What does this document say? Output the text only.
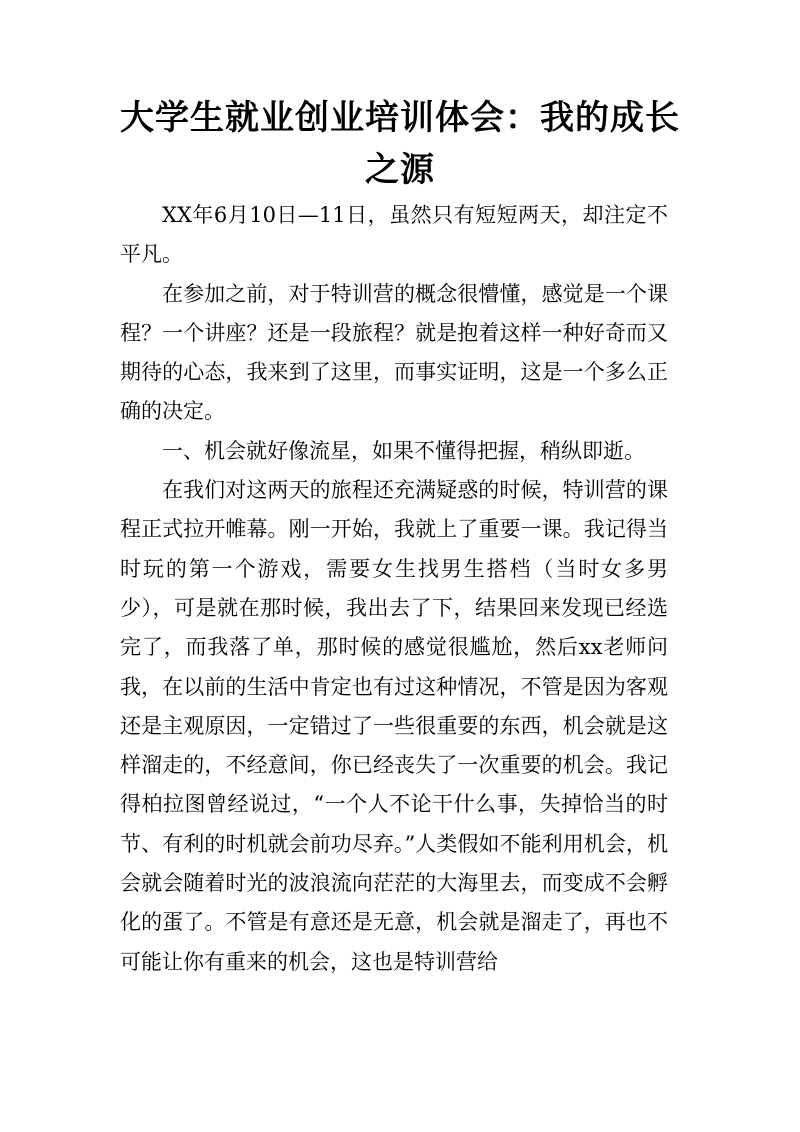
大学生就业创业培训体会：我的成长之源

XX年6月10日—11日，虽然只有短短两天，却注定不平凡。

在参加之前，对于特训营的概念很懵懂，感觉是一个课程？一个讲座？还是一段旅程？就是抱着这样一种好奇而又期待的心态，我来到了这里，而事实证明，这是一个多么正确的决定。

一、机会就好像流星，如果不懂得把握，稍纵即逝。

在我们对这两天的旅程还充满疑惑的时候，特训营的课程正式拉开帷幕。刚一开始，我就上了重要一课。我记得当时玩的第一个游戏，需要女生找男生搭档（当时女多男少），可是就在那时候，我出去了下，结果回来发现已经选完了，而我落了单，那时候的感觉很尴尬，然后xx老师问我，在以前的生活中肯定也有过这种情况，不管是因为客观还是主观原因，一定错过了一些很重要的东西，机会就是这样溜走的，不经意间，你已经丧失了一次重要的机会。我记得柏拉图曾经说过，“一个人不论干什么事，失掉恰当的时节、有利的时机就会前功尽弃。”人类假如不能利用机会，机会就会随着时光的波浪流向茫茫的大海里去，而变成不会孵化的蛋了。不管是有意还是无意，机会就是溜走了，再也不可能让你有重来的机会，这也是特训营给
